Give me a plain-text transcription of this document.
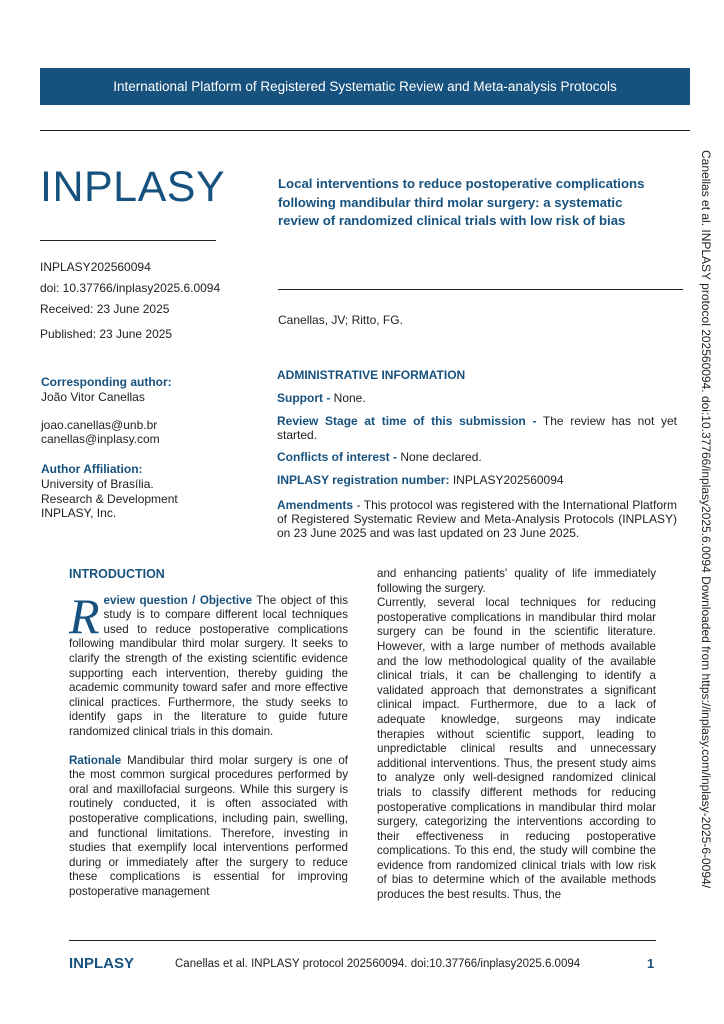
International Platform of Registered Systematic Review and Meta-analysis Protocols
INPLASY
INPLASY202560094
doi: 10.37766/inplasy2025.6.0094
Received: 23 June 2025
Published: 23 June 2025
Local interventions to reduce postoperative complications following mandibular third molar surgery: a systematic review of randomized clinical trials with low risk of bias
Canellas, JV; Ritto, FG.
Corresponding author:
João Vitor Canellas
joao.canellas@unb.br
canellas@inplasy.com
Author Affiliation:
University of Brasília.
Research & Development
INPLASY, Inc.
ADMINISTRATIVE INFORMATION
Support - None.
Review Stage at time of this submission - The review has not yet started.
Conflicts of interest - None declared.
INPLASY registration number: INPLASY202560094
Amendments - This protocol was registered with the International Platform of Registered Systematic Review and Meta-Analysis Protocols (INPLASY) on 23 June 2025 and was last updated on 23 June 2025.
INTRODUCTION

Review question / Objective The object of this study is to compare different local techniques used to reduce postoperative complications following mandibular third molar surgery. It seeks to clarify the strength of the existing scientific evidence supporting each intervention, thereby guiding the academic community toward safer and more effective clinical practices. Furthermore, the study seeks to identify gaps in the literature to guide future randomized clinical trials in this domain.

Rationale Mandibular third molar surgery is one of the most common surgical procedures performed by oral and maxillofacial surgeons. While this surgery is routinely conducted, it is often associated with postoperative complications, including pain, swelling, and functional limitations. Therefore, investing in studies that exemplify local interventions performed during or immediately after the surgery to reduce these complications is essential for improving postoperative management

and enhancing patients' quality of life immediately following the surgery.

Currently, several local techniques for reducing postoperative complications in mandibular third molar surgery can be found in the scientific literature. However, with a large number of methods available and the low methodological quality of the available clinical trials, it can be challenging to identify a validated approach that demonstrates a significant clinical impact. Furthermore, due to a lack of adequate knowledge, surgeons may indicate therapies without scientific support, leading to unpredictable clinical results and unnecessary additional interventions. Thus, the present study aims to analyze only well-designed randomized clinical trials to classify different methods for reducing postoperative complications in mandibular third molar surgery, categorizing the interventions according to their effectiveness in reducing postoperative complications. To this end, the study will combine the evidence from randomized clinical trials with low risk of bias to determine which of the available methods produces the best results. Thus, the

Canellas et al. INPLASY protocol 202560094. doi:10.37766/inplasy2025.6.0094 Downloaded from https://inplasy.com/inplasy-2025-6-0094/
INPLASY	Canellas et al. INPLASY protocol 202560094. doi:10.37766/inplasy2025.6.0094	1
